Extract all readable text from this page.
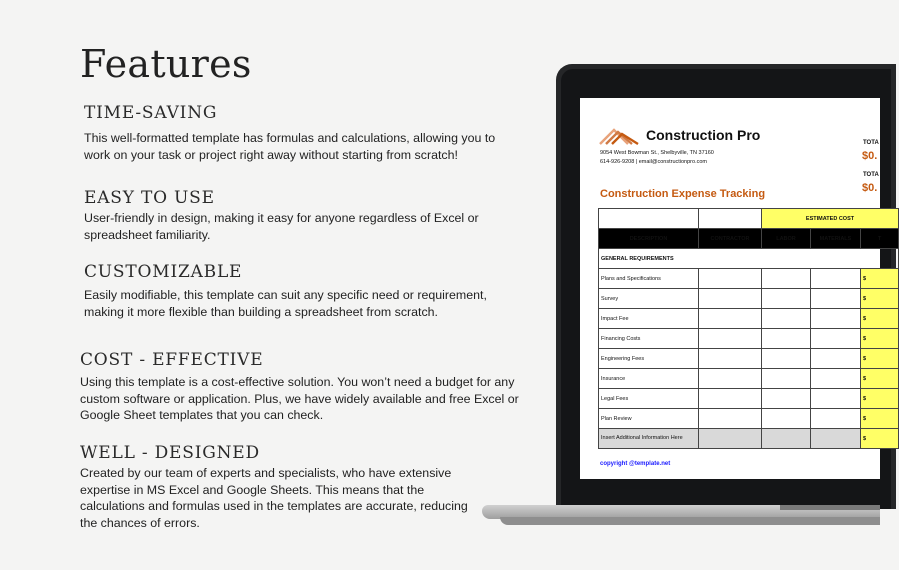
Features
TIME-SAVING
This well-formatted template has formulas and calculations, allowing you to work on your task or project right away without starting from scratch!
EASY TO USE
User-friendly in design, making it easy for anyone regardless of Excel or spreadsheet familiarity.
CUSTOMIZABLE
Easily modifiable, this template can suit any specific need or requirement, making it more flexible than building a spreadsheet from scratch.
COST - EFFECTIVE
Using this template is a cost-effective solution. You won’t need a budget for any custom software or application. Plus, we have widely available and free Excel or Google Sheet templates that you can check.
WELL - DESIGNED
Created by our team of experts and specialists, who have extensive expertise in MS Excel and Google Sheets. This means that the calculations and formulas used in the templates are accurate, reducing the chances of errors.
Construction Pro
9054 West Bowman St., Shelbyville, TN 37160
614-926-9208 | email@constructionpro.com
TOTA
$0.
TOTA
$0.
Construction Expense Tracking
		ESTIMATED COST		
DESCRIPTION	CONTRACTOR	LABOR	MATERIALS	T
GENERAL REQUIREMENTS				
Plans and Specifications				$
Survey				$
Impact Fee				$
Financing Costs				$
Engineering Fees				$
Insurance				$
Legal Fees				$
Plan Review				$
Insert Additional Information Here				$
copyright @template.net
